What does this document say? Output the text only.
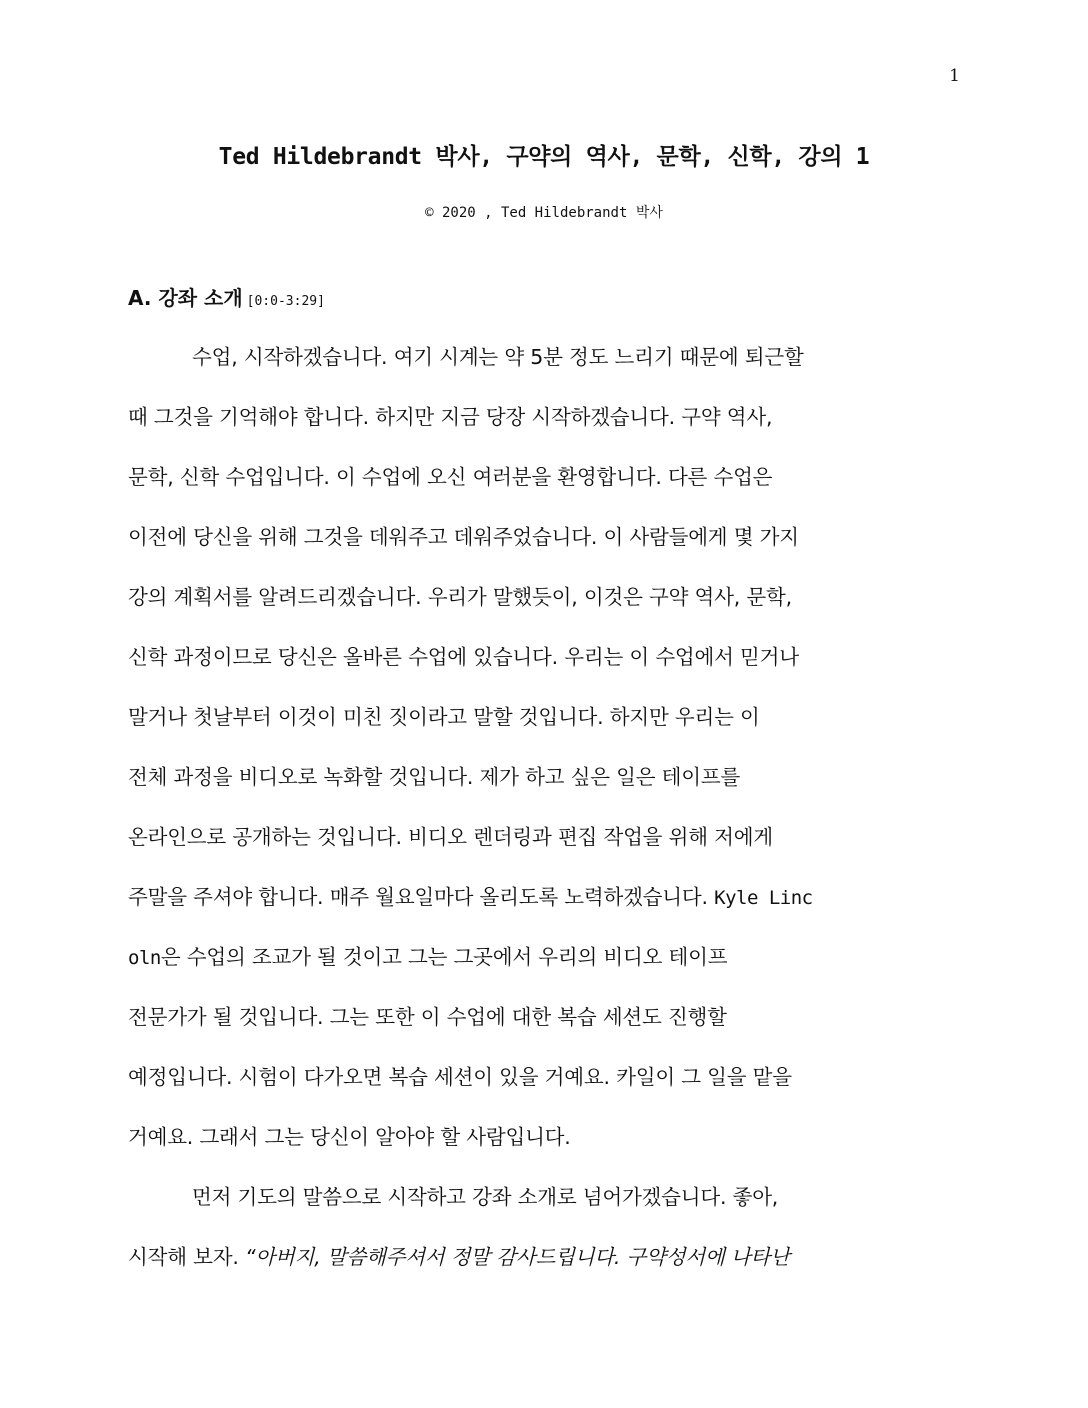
1
Ted Hildebrandt 박사, 구약의 역사, 문학, 신학, 강의 1
© 2020 , Ted Hildebrandt 박사
A. 강좌 소개 [0:0-3:29]
수업, 시작하겠습니다. 여기 시계는 약 5분 정도 느리기 때문에 퇴근할
때 그것을 기억해야 합니다. 하지만 지금 당장 시작하겠습니다. 구약 역사,
문학, 신학 수업입니다. 이 수업에 오신 여러분을 환영합니다. 다른 수업은
이전에 당신을 위해 그것을 데워주고 데워주었습니다. 이 사람들에게 몇 가지
강의 계획서를 알려드리겠습니다. 우리가 말했듯이, 이것은 구약 역사, 문학,
신학 과정이므로 당신은 올바른 수업에 있습니다. 우리는 이 수업에서 믿거나
말거나 첫날부터 이것이 미친 짓이라고 말할 것입니다. 하지만 우리는 이
전체 과정을 비디오로 녹화할 것입니다. 제가 하고 싶은 일은 테이프를
온라인으로 공개하는 것입니다. 비디오 렌더링과 편집 작업을 위해 저에게
주말을 주셔야 합니다. 매주 월요일마다 올리도록 노력하겠습니다. Kyle Linc
oln은 수업의 조교가 될 것이고 그는 그곳에서 우리의 비디오 테이프
전문가가 될 것입니다. 그는 또한 이 수업에 대한 복습 세션도 진행할
예정입니다. 시험이 다가오면 복습 세션이 있을 거예요. 카일이 그 일을 맡을
거예요. 그래서 그는 당신이 알아야 할 사람입니다.
먼저 기도의 말씀으로 시작하고 강좌 소개로 넘어가겠습니다. 좋아,
시작해 보자. “아버지, 말씀해주셔서 정말 감사드립니다. 구약성서에 나타난
